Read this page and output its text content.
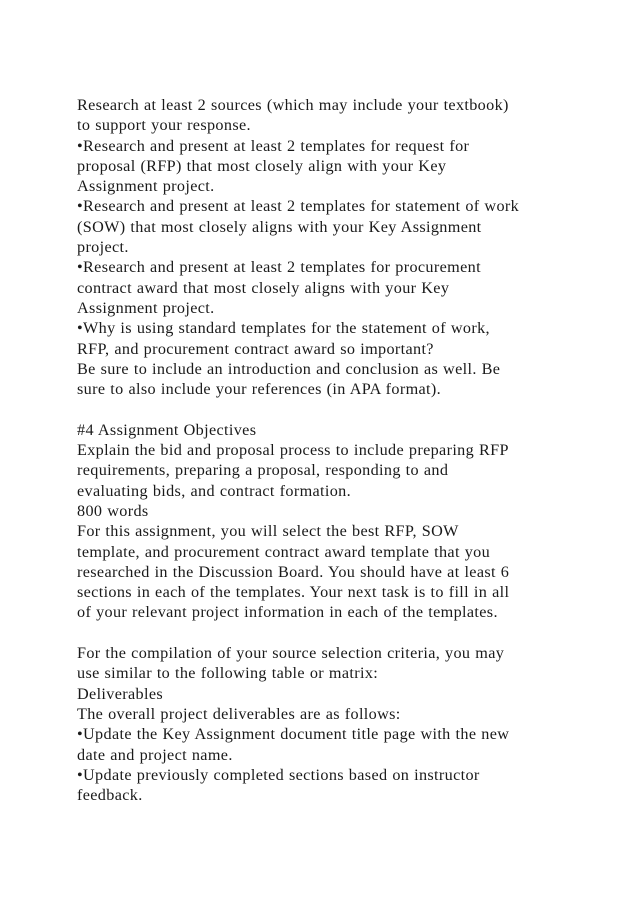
Research at least 2 sources (which may include your textbook)
to support your response.
•Research and present at least 2 templates for request for
proposal (RFP) that most closely align with your Key
Assignment project.
•Research and present at least 2 templates for statement of work
(SOW) that most closely aligns with your Key Assignment
project.
•Research and present at least 2 templates for procurement
contract award that most closely aligns with your Key
Assignment project.
•Why is using standard templates for the statement of work,
RFP, and procurement contract award so important?
Be sure to include an introduction and conclusion as well. Be
sure to also include your references (in APA format).
#4 Assignment Objectives
Explain the bid and proposal process to include preparing RFP
requirements, preparing a proposal, responding to and
evaluating bids, and contract formation.
800 words
For this assignment, you will select the best RFP, SOW
template, and procurement contract award template that you
researched in the Discussion Board. You should have at least 6
sections in each of the templates. Your next task is to fill in all
of your relevant project information in each of the templates.
For the compilation of your source selection criteria, you may
use similar to the following table or matrix:
Deliverables
The overall project deliverables are as follows:
•Update the Key Assignment document title page with the new
date and project name.
•Update previously completed sections based on instructor
feedback.
